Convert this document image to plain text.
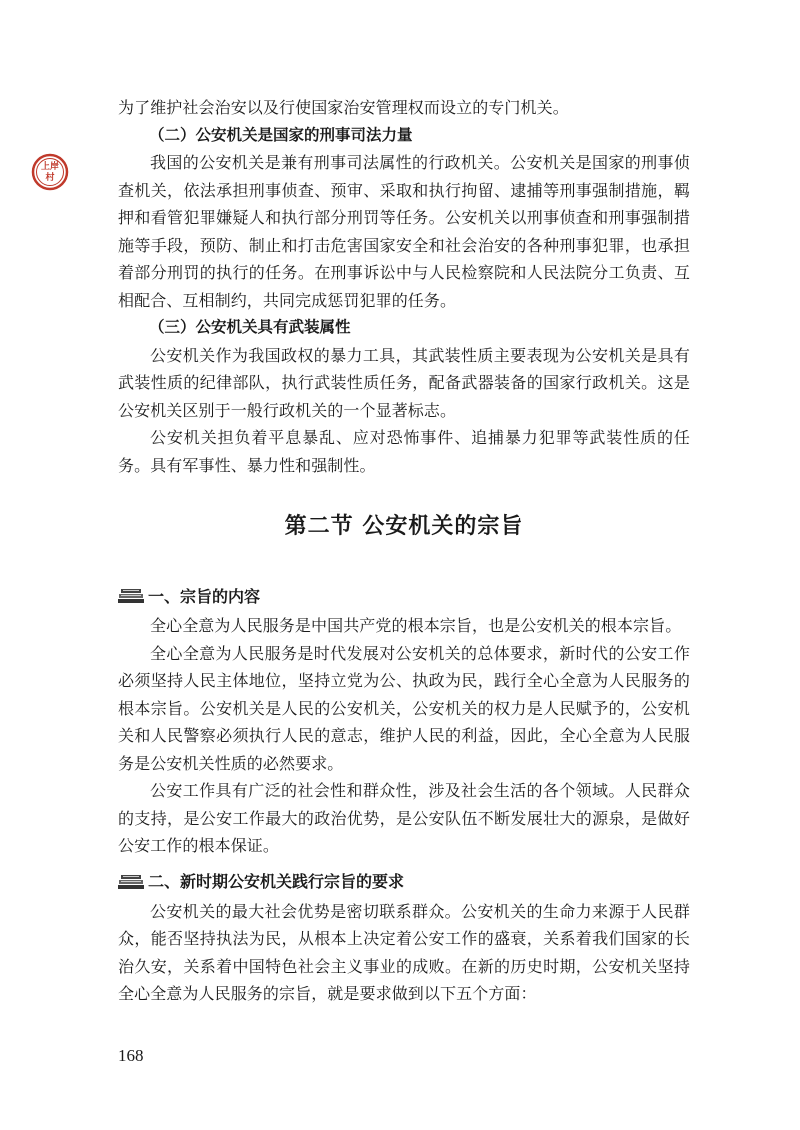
上岸
村

为了维护社会治安以及行使国家治安管理权而设立的专门机关。

（二）公安机关是国家的刑事司法力量

我国的公安机关是兼有刑事司法属性的行政机关。公安机关是国家的刑事侦查机关，依法承担刑事侦查、预审、采取和执行拘留、逮捕等刑事强制措施，羁押和看管犯罪嫌疑人和执行部分刑罚等任务。公安机关以刑事侦查和刑事强制措施等手段，预防、制止和打击危害国家安全和社会治安的各种刑事犯罪，也承担着部分刑罚的执行的任务。在刑事诉讼中与人民检察院和人民法院分工负责、互相配合、互相制约，共同完成惩罚犯罪的任务。

（三）公安机关具有武装属性

公安机关作为我国政权的暴力工具，其武装性质主要表现为公安机关是具有武装性质的纪律部队，执行武装性质任务，配备武器装备的国家行政机关。这是公安机关区别于一般行政机关的一个显著标志。

公安机关担负着平息暴乱、应对恐怖事件、追捕暴力犯罪等武装性质的任务。具有军事性、暴力性和强制性。

第二节 公安机关的宗旨
一、宗旨的内容

全心全意为人民服务是中国共产党的根本宗旨，也是公安机关的根本宗旨。

全心全意为人民服务是时代发展对公安机关的总体要求，新时代的公安工作必须坚持人民主体地位，坚持立党为公、执政为民，践行全心全意为人民服务的根本宗旨。公安机关是人民的公安机关，公安机关的权力是人民赋予的，公安机关和人民警察必须执行人民的意志，维护人民的利益，因此，全心全意为人民服务是公安机关性质的必然要求。

公安工作具有广泛的社会性和群众性，涉及社会生活的各个领域。人民群众的支持，是公安工作最大的政治优势，是公安队伍不断发展壮大的源泉，是做好公安工作的根本保证。

二、新时期公安机关践行宗旨的要求

公安机关的最大社会优势是密切联系群众。公安机关的生命力来源于人民群众，能否坚持执法为民，从根本上决定着公安工作的盛衰，关系着我们国家的长治久安，关系着中国特色社会主义事业的成败。在新的历史时期，公安机关坚持全心全意为人民服务的宗旨，就是要求做到以下五个方面：

168
